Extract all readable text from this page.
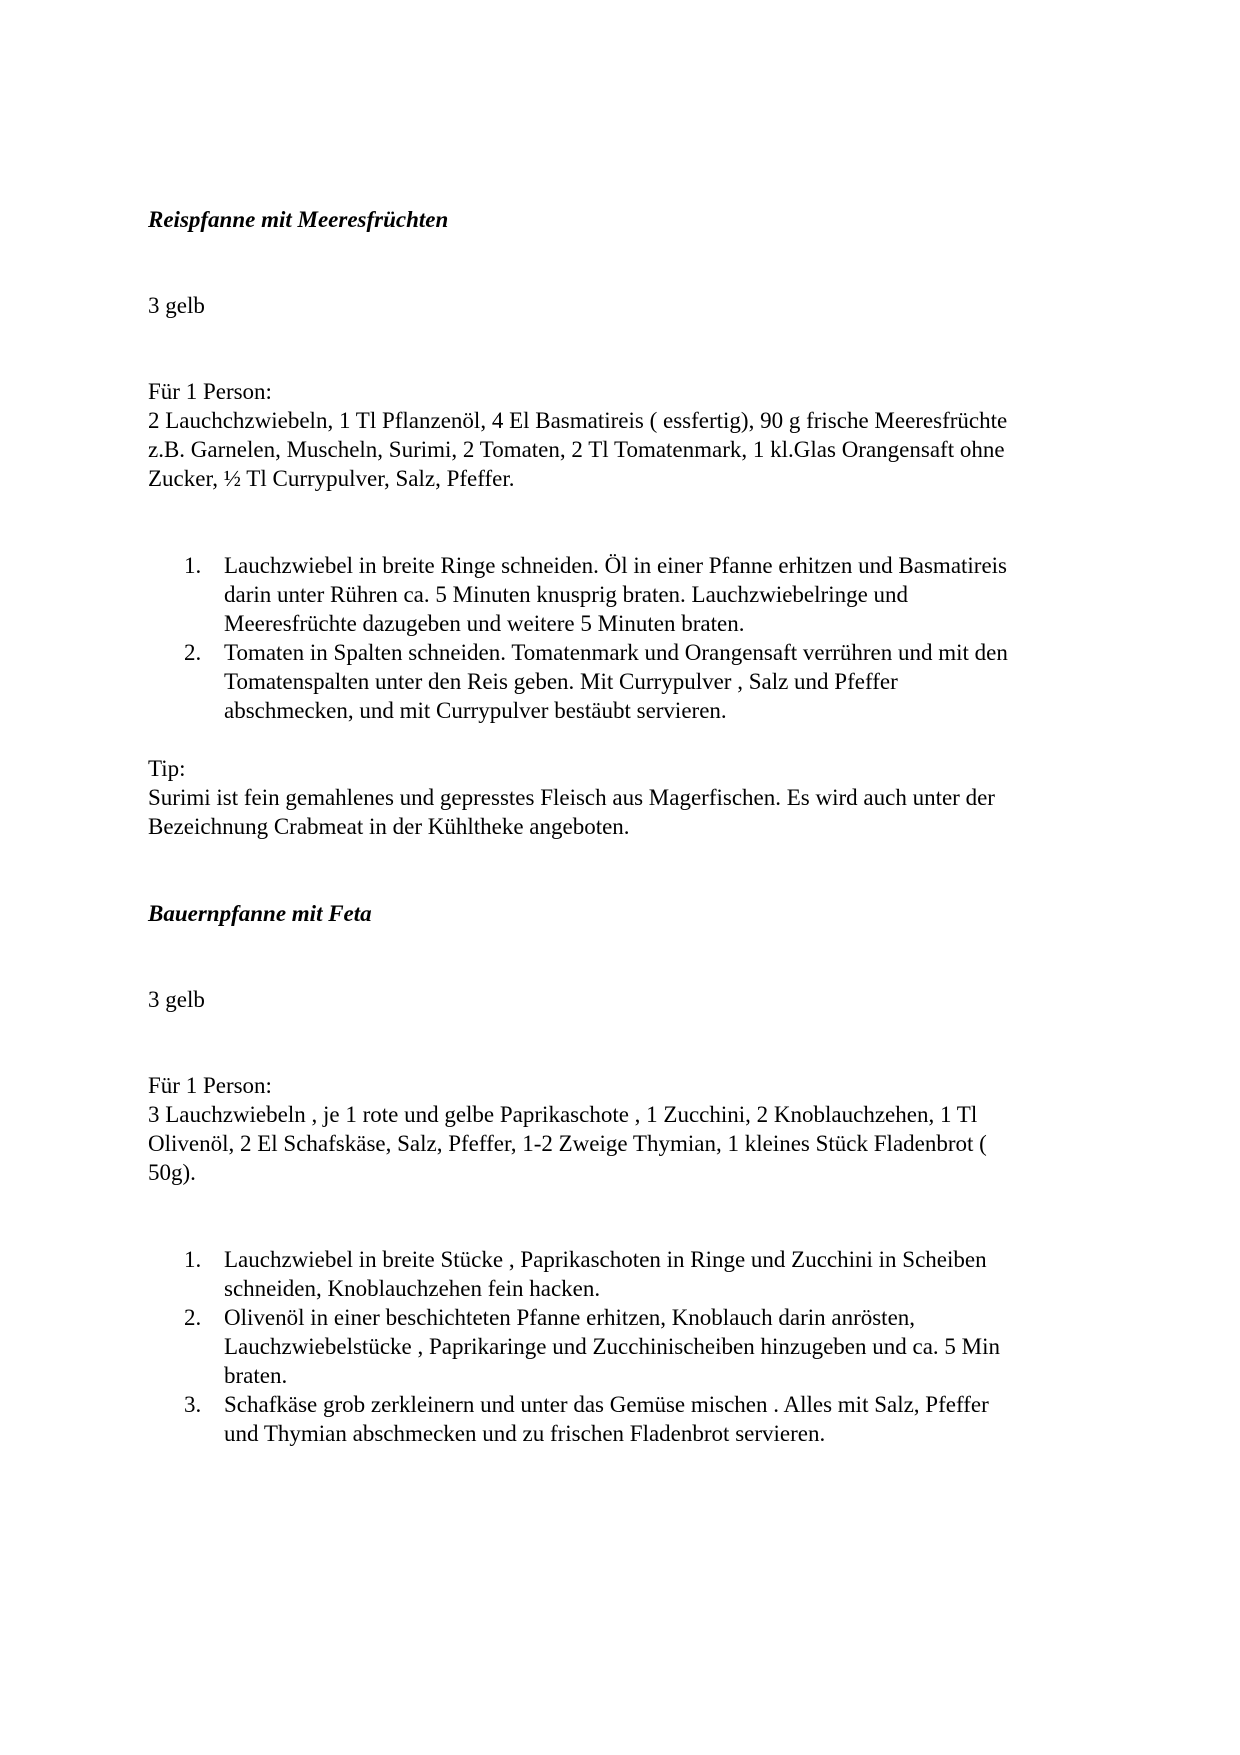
Reispfanne mit Meeresfrüchten

3 gelb

Für 1 Person:

2 Lauchchzwiebeln, 1 Tl Pflanzenöl, 4 El Basmatireis ( essfertig), 90 g frische Meeresfrüchte

z.B. Garnelen, Muscheln, Surimi, 2 Tomaten, 2 Tl Tomatenmark, 1 kl.Glas Orangensaft ohne

Zucker, ½ Tl Currypulver, Salz, Pfeffer.

1. Lauchzwiebel in breite Ringe schneiden. Öl in einer Pfanne erhitzen und Basmatireis
darin unter Rühren ca. 5 Minuten knusprig braten. Lauchzwiebelringe und
Meeresfrüchte dazugeben und weitere 5 Minuten braten.
2. Tomaten in Spalten schneiden. Tomatenmark und Orangensaft verrühren und mit den
Tomatenspalten unter den Reis geben. Mit Currypulver , Salz und Pfeffer
abschmecken, und mit Currypulver bestäubt servieren.

Tip:

Surimi ist fein gemahlenes und gepresstes Fleisch aus Magerfischen. Es wird auch unter der

Bezeichnung Crabmeat in der Kühltheke angeboten.

Bauernpfanne mit Feta

3 gelb

Für 1 Person:

3 Lauchzwiebeln , je 1 rote und gelbe Paprikaschote , 1 Zucchini, 2 Knoblauchzehen, 1 Tl

Olivenöl, 2 El Schafskäse, Salz, Pfeffer, 1-2 Zweige Thymian, 1 kleines Stück Fladenbrot (

50g).

1. Lauchzwiebel in breite Stücke , Paprikaschoten in Ringe und Zucchini in Scheiben
schneiden, Knoblauchzehen fein hacken.
2. Olivenöl in einer beschichteten Pfanne erhitzen, Knoblauch darin anrösten,
Lauchzwiebelstücke , Paprikaringe und Zucchinischeiben hinzugeben und ca. 5 Min
braten.
3. Schafkäse grob zerkleinern und unter das Gemüse mischen . Alles mit Salz, Pfeffer
und Thymian abschmecken und zu frischen Fladenbrot servieren.
